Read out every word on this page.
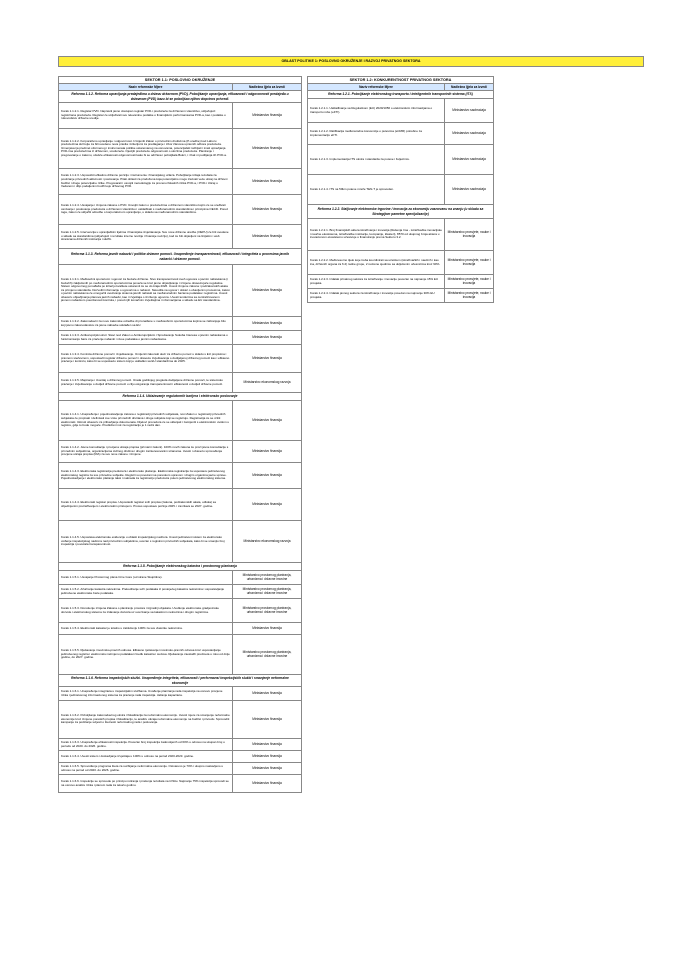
OBLAST POLITIKE 1: POSLOVNO OKRUŽENJE I RAZVOJ PRIVATNOG SEKTORA
SEKTOR 1.1: POSLOVNO OKRUŽENJE
Naziv reformske Mjere	Nadležna Ijjela za Izvedi
Reforma 1.1.2. Reforma upravljanja predajeđima u državu državnom (PVD), Poboljšanje upravljanja, efikasnosti i odgovornosti predajeđa u državnom (PVD) bazu bi se poboljšao njihov doprinos privredi.
Korak 1.1.2.1. Registar PVD. Napraviti javno dostupan registar PVD-i preduzeća za državnom vlasništvu, uključujući registrirana preduzeća. Registar će uključivati sve relevantne podatke o finansijskim performansama PVD-a, kao i podatke o rukovodstvu državne uredije.
Ministarstvo finansija
Korak 1.1.2.2. Korporativno upravljanje i odgovornost. Izmijeniti Zakon o privrednim društvima (P-uredbe) kod Laboru preduzećima skl bojte za bili uvedene nova pravila i kriterijumi za predlaganje i izbor članova upravnih odbora preduzeća. Izmenjava ija predmet oformenog i instrumenata politike ustanovanog na osnovama, potencijalski razbijati i imati upravljanja PVD-ima preduzećima iz državnom, ureduzeća. Ojecijiti preduzeće odgovornosti o uloziima preduzeća. Planiranje i pregovaranje o zakonu, učešće efikasnosti odgovornosti kako bi se održava i poboljšala Bukci, i i Kak ni podtljanja tih PVD-a.
Ministarstvo finansija
Korak 1.1.2.3. Usposobiti efikašno državnu poziciju i instrumente i finansijskog uzlaza. Poboljšanje izdaja rezultata za postizanje privrednih aktivnosti i poslovanja. Pitati oblasti za produžena koja potencijalno mogu izazvati veće uticaj na državni budžet i druge potencijalne rizike. Pregovarati i usvojiti metodologiju za procenu fiskalnih rizika PVD-a, i PVD-i Uticaj u Vedanom i diljo podaljenim budži koju državnog PVD.
Ministarstvo finansija
Korak 1.1.2.4. Usvajanje i izmjena zakona o PVD. Usvojiti zakon o preduzećima u državnom vlasništvu kojim će se uređivati osnivanje i poslovanje preduzeća u državnom vlasništvu i usklađivati s međunarodnim standardima i principima OECD. Pored toga, zakon će uključiti odredbe o korporativnom upravljanju, u skladu sa međunarodnim standardima.
Ministarstvo finansija
Korak 1.1.2.5. Intervencija u upravljačkim tijelima i finansijske izvještavanja. Sve nove državne uredbe (OEPU) će biti uvedene u skladu sa standardima (uključujući i rezultate interne revizije i finansije reviziju), kod će biti objavljeni na linijskim i web stranicama državnih institucija i službi.
Ministarstvo finansija
Reforma 1.1.3. Reforma javnih nabavki i politike državne pomoći. Unapređenje transparentnosti, efikasnosti i integriteta u procesima javnih nabavki i državne pomoći.
Korak 1.1.3.1. Međusobni sporazumi i ugovori za buduće državne. Nivo transparentnosti sveh ugovora o javnim nabavkama (i budućih) zaključenih po međunarodnim sporazumima poveća se kroz javno objavljivanje i izmjene obavezujuće regulative. Sistem odgovornog ponuđača po kriteriju kvalitete ustanovit će se do kraja 2026. Uvesti izmjene zakona i podzakonskih akata za primjenu standarda. Dozvoliti informacije o ugovorima u nabavci. Navodila na ugovor i dokaz o obavljenim procesima, zakon o javnim nabavkama će omogućiti uvezivanje sistema javnih nabavki sa međunarodnim bazama podataka i registrima. Uvesti obavezu objavljivanja planova javnih nabavki, kao i izvještaja o izvršenju ugovora. Uvesti tenderima sa centralizovanom javnom nabavkom pouzdanosti kontrola, i pored njih konačnim izvještajima i informacijama u skladu sa EU standardima.
Ministarstvo finansija
Korak 1.1.3.2. Zakonodavni za nove zakonske odredbe di pronađene u međusobnim sporazumima kojima se zabranjuje bilo koji javnu zakonodavstvu za javne nabavke usklađen sa EU.	Ministarstvo finansija
Korak 1.1.3.3. Antikorupcijski okvir. Stavi novi Zakon o Antikorupcijskim i Sprečavanju Sukoba Interesa u javnim nabavkama o funkcionisanju baze za praćenje nabavki i nivoe podataka o javnim nabavkama.	Ministarstvo finansija
Korak 1.1.3.4. Kontrola državne pomoći i izvještavanje. Izmijeniti zakonski okvir za državnu pomoć u skladu s EU propisima i pravnom stečevinom, uspostaviti registar državne pomoći i obaveze izvještavanja o dodijeljenoj državnoj pomoći kao i efikasno praćenje i kontrolu, kako bi se uspostavio sistem koji je usklađen sa EU standardima do 2025.
Ministarstvo finansija
Korak 1.1.3.5. Mapiranje i izveštaj o državnoj pomoći. Izrada godišnjeg pregleda dodijeljene državne pomoći, te sistemsko praćenje i izvještavanje o dodjeli državne pomoći u cilju osiguranja transparentnosti i efikasnosti u dodjeli državne pomoći.	Ministarstvo ekonomskog razvoja
Reforma 1.1.4. Ublažavanje regulatornih barijera i elektronsko poslovanje
Korak 1.1.4.1. Unapređenje i pojednostavljenje zakona o registraciji privrednih subjekata, novi Zakon o registraciji privrednih subjekata će propisati i definisati sve vrste privrednih društava i druge subjekte koji se registruju. Registracija će se vršiti elektronski. Ukinuti obavezu za pribavljanje dokumenata. Dijelovi procedura će se uklanjati i zamijeniti s elektronskim uvidom u registre, gdje to bude moguće. Predloženi rok za registraciju je 1 radni dan.
Ministarstvo finansija
Korak 1.1.4.2. Javne konsultacije i procjena uticaja propisa (primarni zakoni). 100% novih zakona će proći javne konsultacije s privrednim subjektima, organizacijama civilnog društva i drugim zainteresovanim stranama. Uvesti i obavezu sprovođenja procjene uticaja propisa (RIA) za sve nove zakone i izmjene.
Ministarstvo finansija
Korak 1.1.4.3. Elektronska registracija preduzeća i elektronsko plaćanje. Elektronska registracija za uspostavu jedinstvenog elektronskog registra za sve privredne subjekte. Registri su povezani sa poreskom upravom i drugim organima javne uprave. Pojednostavljenje i elektronsko plaćanje taksi i naknada za registraciju preduzeća putem jedinstvenog elektronskog sistema.
Ministarstvo finansija
Korak 1.1.4.4. Elektronski registar propisa. Uspostaviti registar svih propisa (zakona, podzakonskih akata, odluka) sa objedinjenim pretraživanjem i elektronskim pristupom. Proces uspostave počinje 2025. i završava se 2027. godine.	Ministarstvo finansija
Korak 1.1.4.5. Uspostava elektronske evidencije u oblasti inspekcijskog nadzora. Uvesti jedinstveni sistem za elektronsko vođenje inspekcijskog nadzora nad privrednim subjektima, uvezan s registrom privrednih subjekata, kako bi se smanjio broj inspekcija i povećala transparentnost.
Ministarstvo ekonomskog razvoja
Reforma 1.1.5. Poboljšanje elektronskog katastra i prostornog planiranja
Korak 1.1.5.1. Usvajanje Prostornog plana Crne Gore (od strane Skupštine).	Ministarstvo prostornog planiranja, urbanizma i državne imovine
Korak 1.1.5.2. Ažuriranje katastra nekretnina. Prekodiranje svih podataka iz postojećeg katastra nekretnina i uspostavljanje jedinstvene elektronske baze podataka.
Ministarstvo prostornog planiranja, urbanizma i državne imovine
Korak 1.1.5.3. Donošenje izmjena Zakona o planiranju prostora i izgradnji objekata. Uvođenje elektronske gradjevinske dozvole i elektronskog sistema za izdavanje dozvola uz uvezivanje sa katastrom nekretnina i drugim registrima.
Ministarstvo prostornog planiranja, urbanizma i državne imovine
Korak 1.1.5.4. Elektronski katastar je totalno u zaklučenju 100% za sve vlasnike nekretnina.	Ministarstvo finansija
Korak 1.1.5.5. Rješavanje imovinsko-pravnih odnosa. Efikasno rješavanje imovinsko-pravnih odnosa kroz uspostavljanje jedinstvenog registra i elektronsku razmjenu podataka između katastra i sudova. Rješavanje zaostalih predmeta u roku od dvije godine, do 2027. godine.
Ministarstvo prostornog planiranja, urbanizma i državne imovine
Reforma 1.1.6. Reforma inspekcijskih službi. Unapređenje integriteta, efikasnosti i performansi inspekcijskih službi i smanjenje neformalne ekonomije
Korak 1.1.6.1. Unapređenje integriteta u inspekcijskim službama. Uvođenje planiranja rada inspekcija na osnovu procjene rizika i jedinstvenog informacionog sistema za praćenje rada inspekcija. Jačanje kapaciteta.	Ministarstvo finansija
Korak 1.1.6.2. Poboljšanje zakonodavnog okvira i fiskalizacija za neformalnu ekonomiju. Uvesti mjere za smanjenje neformalne ekonomije kroz izmjene poreskih propisa i fiskalizaciju, te analizu uticaja neformalne ekonomije na budžet i privredu. Sprovoditi kampanje za podizanje svijesti o štetnosti neformalnog rada i poslovanja.
Ministarstvo finansija
Korak 1.1.6.3. Unapređenje efikasnosti inspekcija. Povećan broj inspekcija zadovoljenih od 60% u odnosu na ukupan broj u periodu od 2020. do 2026. godine.	Ministarstvo finansija
Korak 1.1.6.4. Uvesti sistem i dostavljanje izvještaja u 100% u odnosu na period 2020-2023. godine.	Ministarstvo finansija
Korak 1.1.6.5. Sprovođenje programa šteta za suzbijanje neformalne ekonomije. Ostvareno je 70% i ukupno nastavljeno u odnosu na period od 2020. do 2026. godine.	Ministarstvo finansija
Korak 1.1.6.6. Inspekcije se sprovode po principu rotiranja i praćenja rezultata na tržištu. Najmanje 75% inspekcija sprovodi se na osnovu analize rizika i planom rada za tekuću godinu.	Ministarstvo finansija
SEKTOR 1.2: KONKURENTNOST PRIVATNOG SEKTORA
Naziv reformske Mjere	Nadležna Ijjela za Izvedi
Reforma 1.2.1. Poboljšanje elektronskog transporta i inteligentnih transportnih sistema (ITS)
Korak 1.2.1.1. Usklađivanje sa Regulativom (EU) 2020/1056 o elektronskim informacijama o transportu robe (eFTI).	Ministarstvo saobraćaja
Korak 1.2.1.2. Ratifikacija međunarodne konvencije o putevima (eCMR) potrebne za implementaciju eFTI.	Ministarstvo saobraćaja
Korak 1.2.1.3. Implementacija ITS okvira i standarda za puteve i željeznicu.	Ministarstvo saobraćaja
Korak 1.2.1.4. ITS na 50km puteve mreže TEN-T je sproveden.	Ministarstvo saobraćaja
Reforma 1.2.2. Staljivanje elektronske trgovine / inovacija za ekonomiju zasnovanu na znanju (u skladu sa Strategijom pametne specijalizacije)
Korak 1.2.2.1. Broj finansijskih aktera istraživanja i inovacija (Rešenja Ima - istraživačke inovacijske i naučne ekosistema, istraživačke institucije, kompanije, klasteri), 8570 od ukupnog broja aktera u inovacionom ekosistemu učestvuje u finansiranju prema Sektoru 3.2.
Ministarstvo prosvjete, nauke i inovacija
Korak 1.2.2.2. Međuresorno tijelo koje treba koordinirati sa učešćem (istraživačkih i naučnih i kao ina, državnih organa za 6.2) radne grupe, 2 redovne sjednice sa uključenim učesnicima kroz 90%.
Ministarstvo prosvjete, nauke i inovacija
Korak 1.2.2.3. Izdatak privatnog sektora za istraživanje i inovacije povećan na najmanje 15% EU prosjeka.
Ministarstvo prosvjete, nauke i inovacija
Korak 1.2.2.4. Izdatak javnog sektora za istraživanje i inovacije povećan na najmanje 30% EU prosjeka.
Ministarstvo prosvjete, nauke i inovacija
